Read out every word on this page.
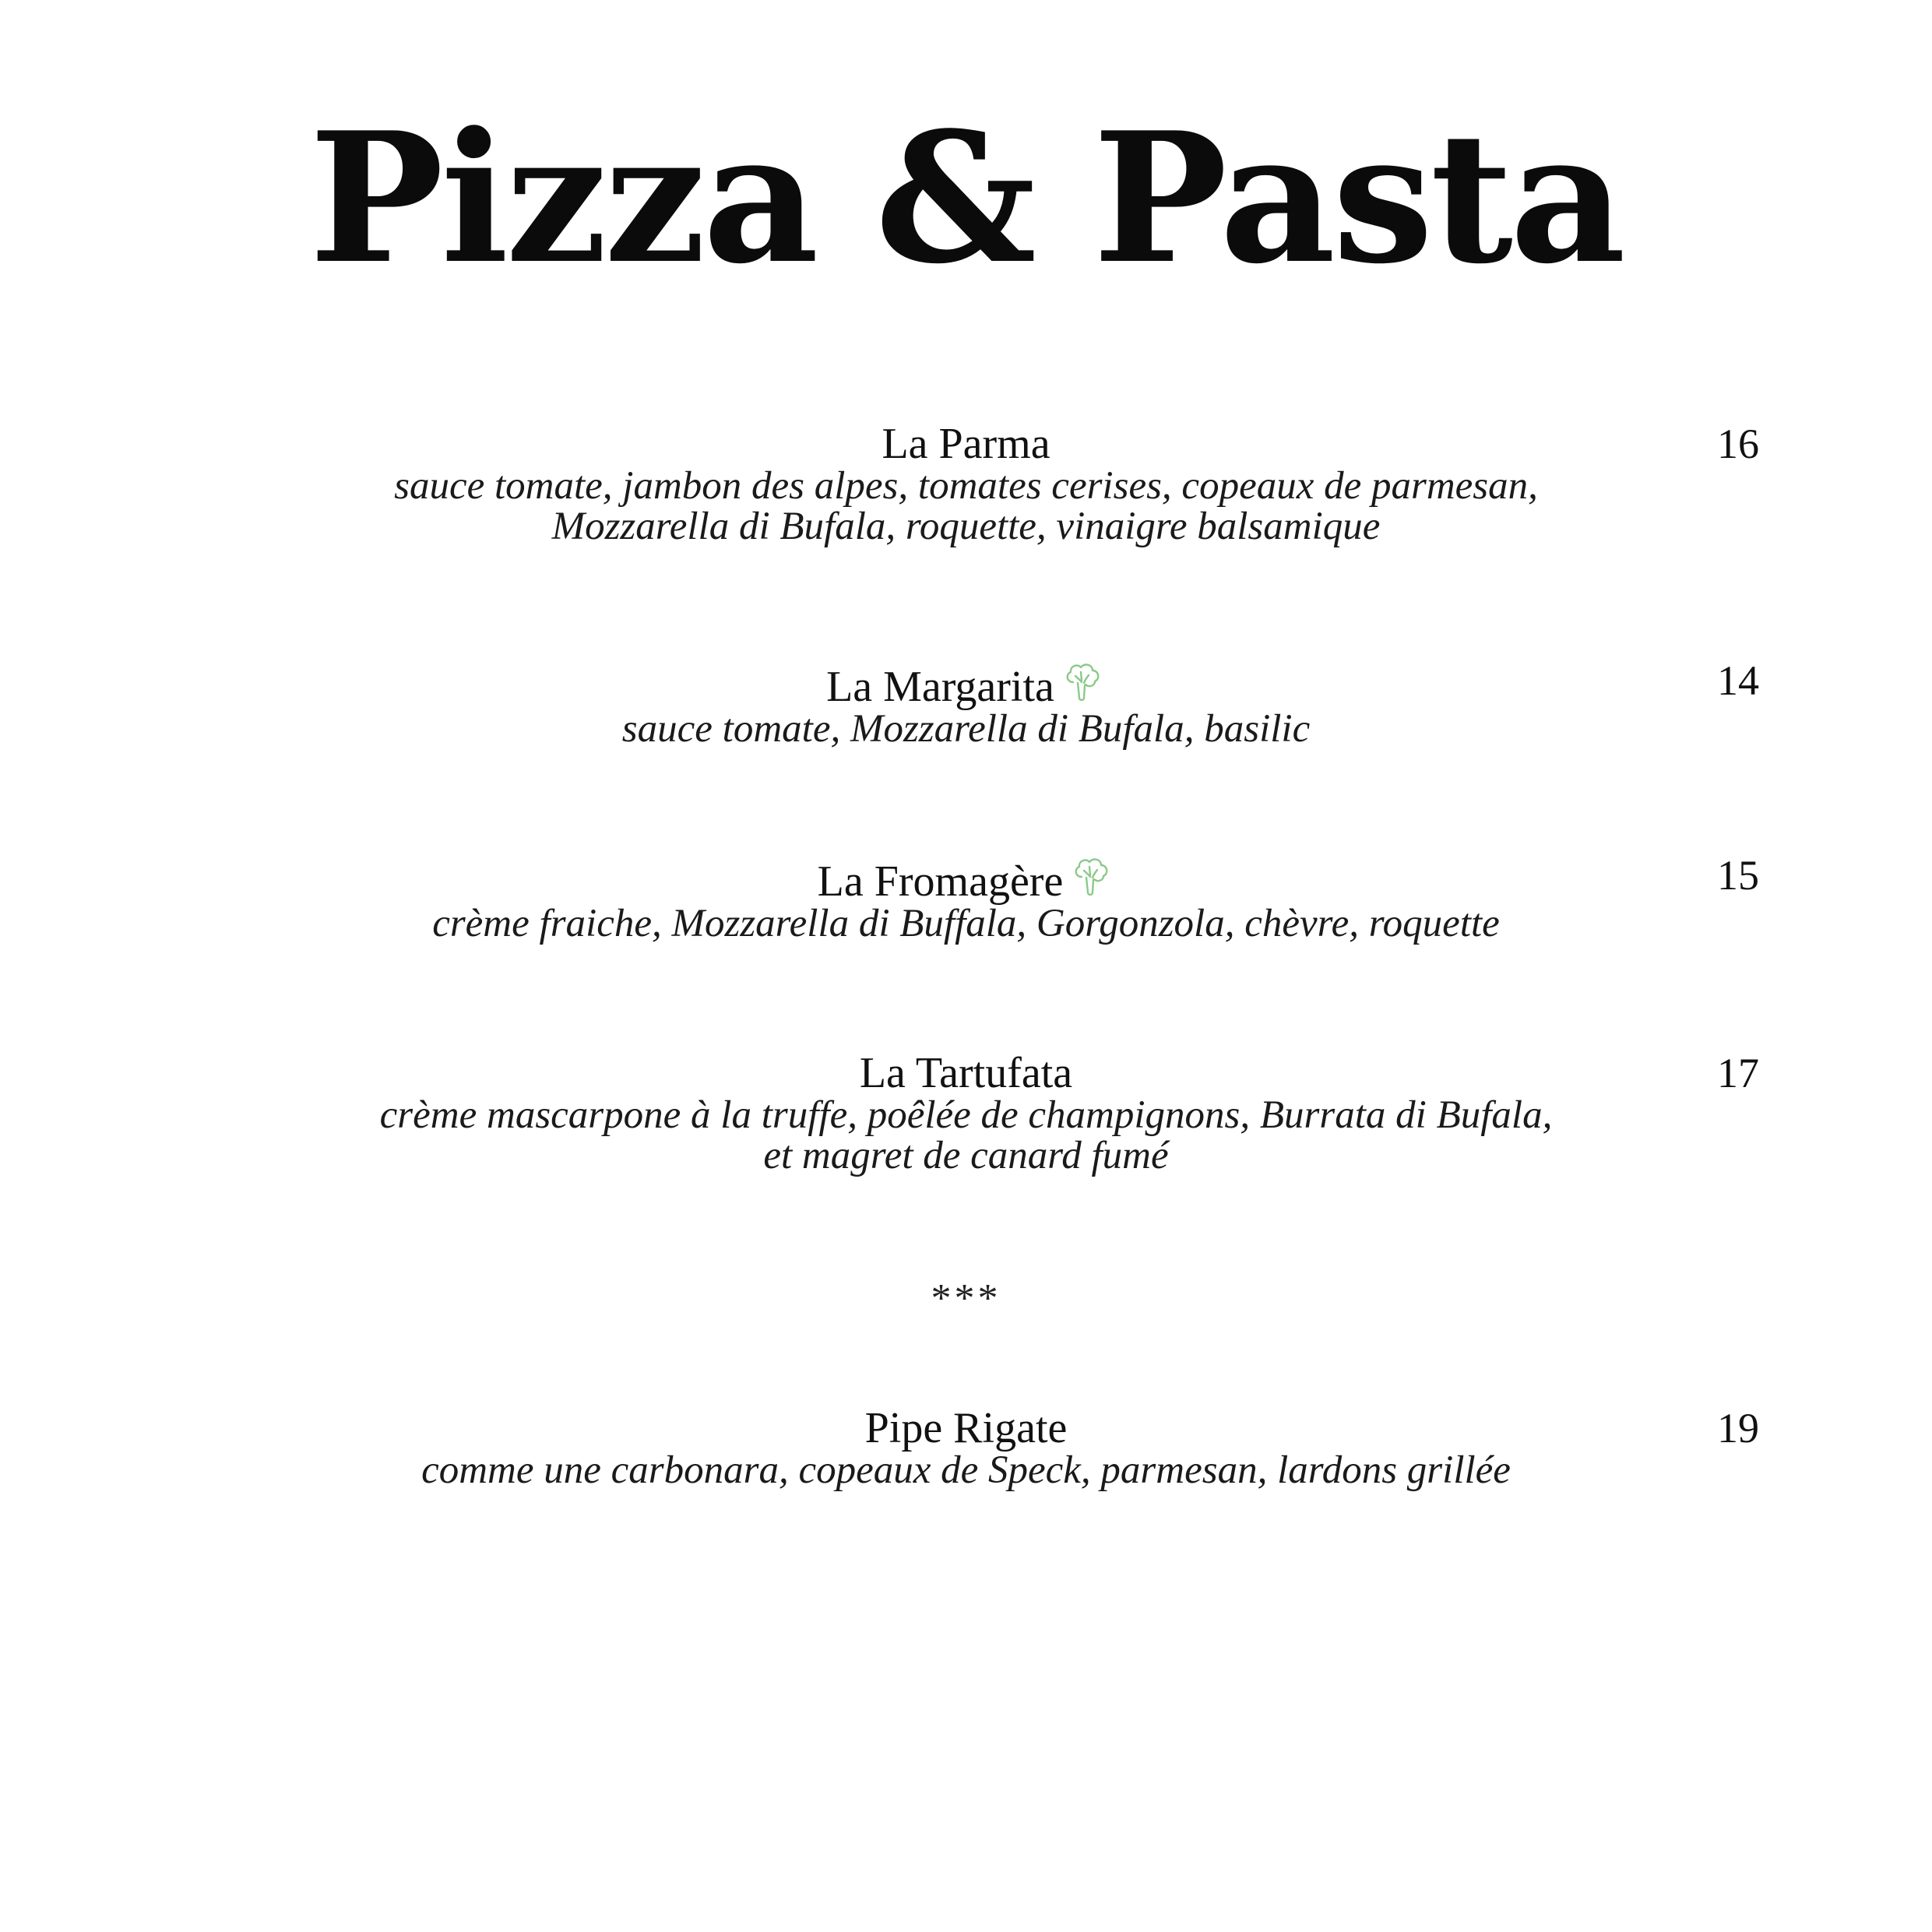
Pizza & Pasta
La Parma
sauce tomate, jambon des alpes, tomates cerises, copeaux de parmesan,
Mozzarella di Bufala, roquette, vinaigre balsamique
16
La Margarita
sauce tomate, Mozzarella di Bufala, basilic
14
La Fromagère
crème fraiche, Mozzarella di Buffala, Gorgonzola, chèvre, roquette
15
La Tartufata
crème mascarpone à la truffe, poêlée de champignons, Burrata di Bufala,
et magret de canard fumé
17
***
Pipe Rigate
comme une carbonara, copeaux de Speck, parmesan, lardons grillée
19
